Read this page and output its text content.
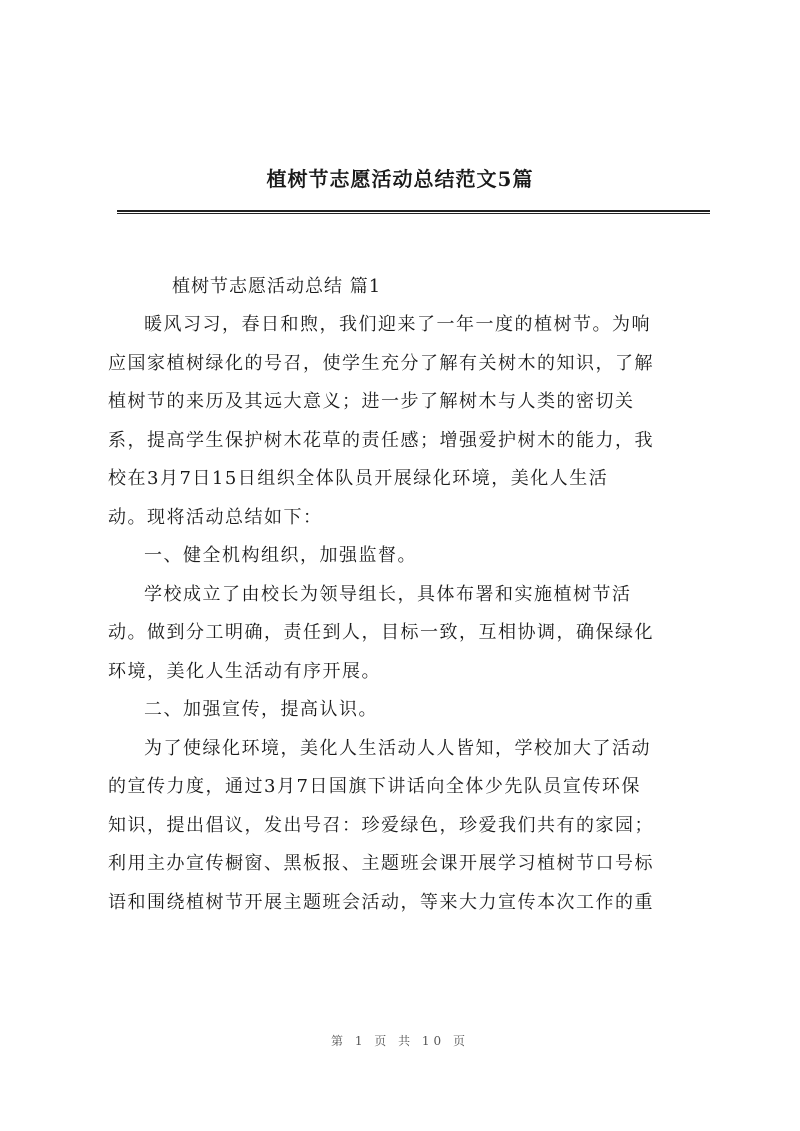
植树节志愿活动总结范文5篇
植树节志愿活动总结 篇1
暖风习习，春日和煦，我们迎来了一年一度的植树节。为响
应国家植树绿化的号召，使学生充分了解有关树木的知识，了解
植树节的来历及其远大意义；进一步了解树木与人类的密切关
系，提高学生保护树木花草的责任感；增强爱护树木的能力，我
校在3月7日15日组织全体队员开展绿化环境，美化人生活
动。现将活动总结如下：
一、健全机构组织，加强监督。
学校成立了由校长为领导组长，具体布署和实施植树节活
动。做到分工明确，责任到人，目标一致，互相协调，确保绿化
环境，美化人生活动有序开展。
二、加强宣传，提高认识。
为了使绿化环境，美化人生活动人人皆知，学校加大了活动
的宣传力度，通过3月7日国旗下讲话向全体少先队员宣传环保
知识，提出倡议，发出号召：珍爱绿色，珍爱我们共有的家园；
利用主办宣传橱窗、黑板报、主题班会课开展学习植树节口号标
语和围绕植树节开展主题班会活动，等来大力宣传本次工作的重
第 1 页 共 10 页
